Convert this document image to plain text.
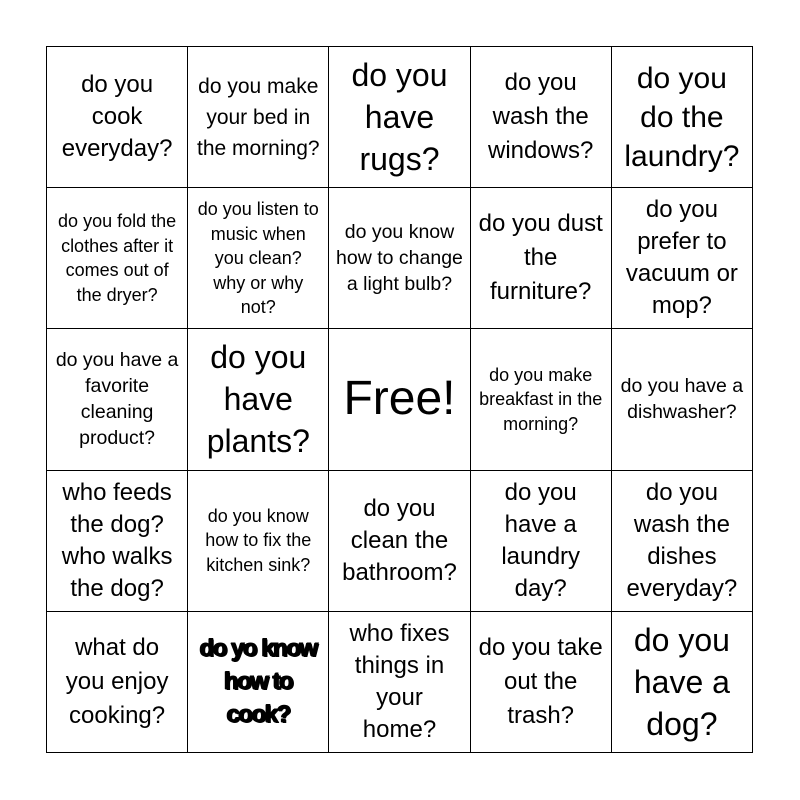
do you cook everyday?
do you make your bed in the morning?
do you have rugs?
do you wash the windows?
do you do the laundry?
do you fold the clothes after it comes out of the dryer?
do you listen to music when you clean? why or why not?
do you know how to change a light bulb?
do you dust the furniture?
do you prefer to vacuum or mop?
do you have a favorite cleaning product?
do you have plants?
Free!	do you make breakfast in the morning?
do you have a dishwasher?
who feeds the dog? who walks the dog?
do you know how to fix the kitchen sink?
do you clean the bathroom?
do you have a laundry day?
do you wash the dishes everyday?
what do you enjoy cooking?
do yo know how to cook?
who fixes things in your home?
do you take out the trash?
do you have a dog?
